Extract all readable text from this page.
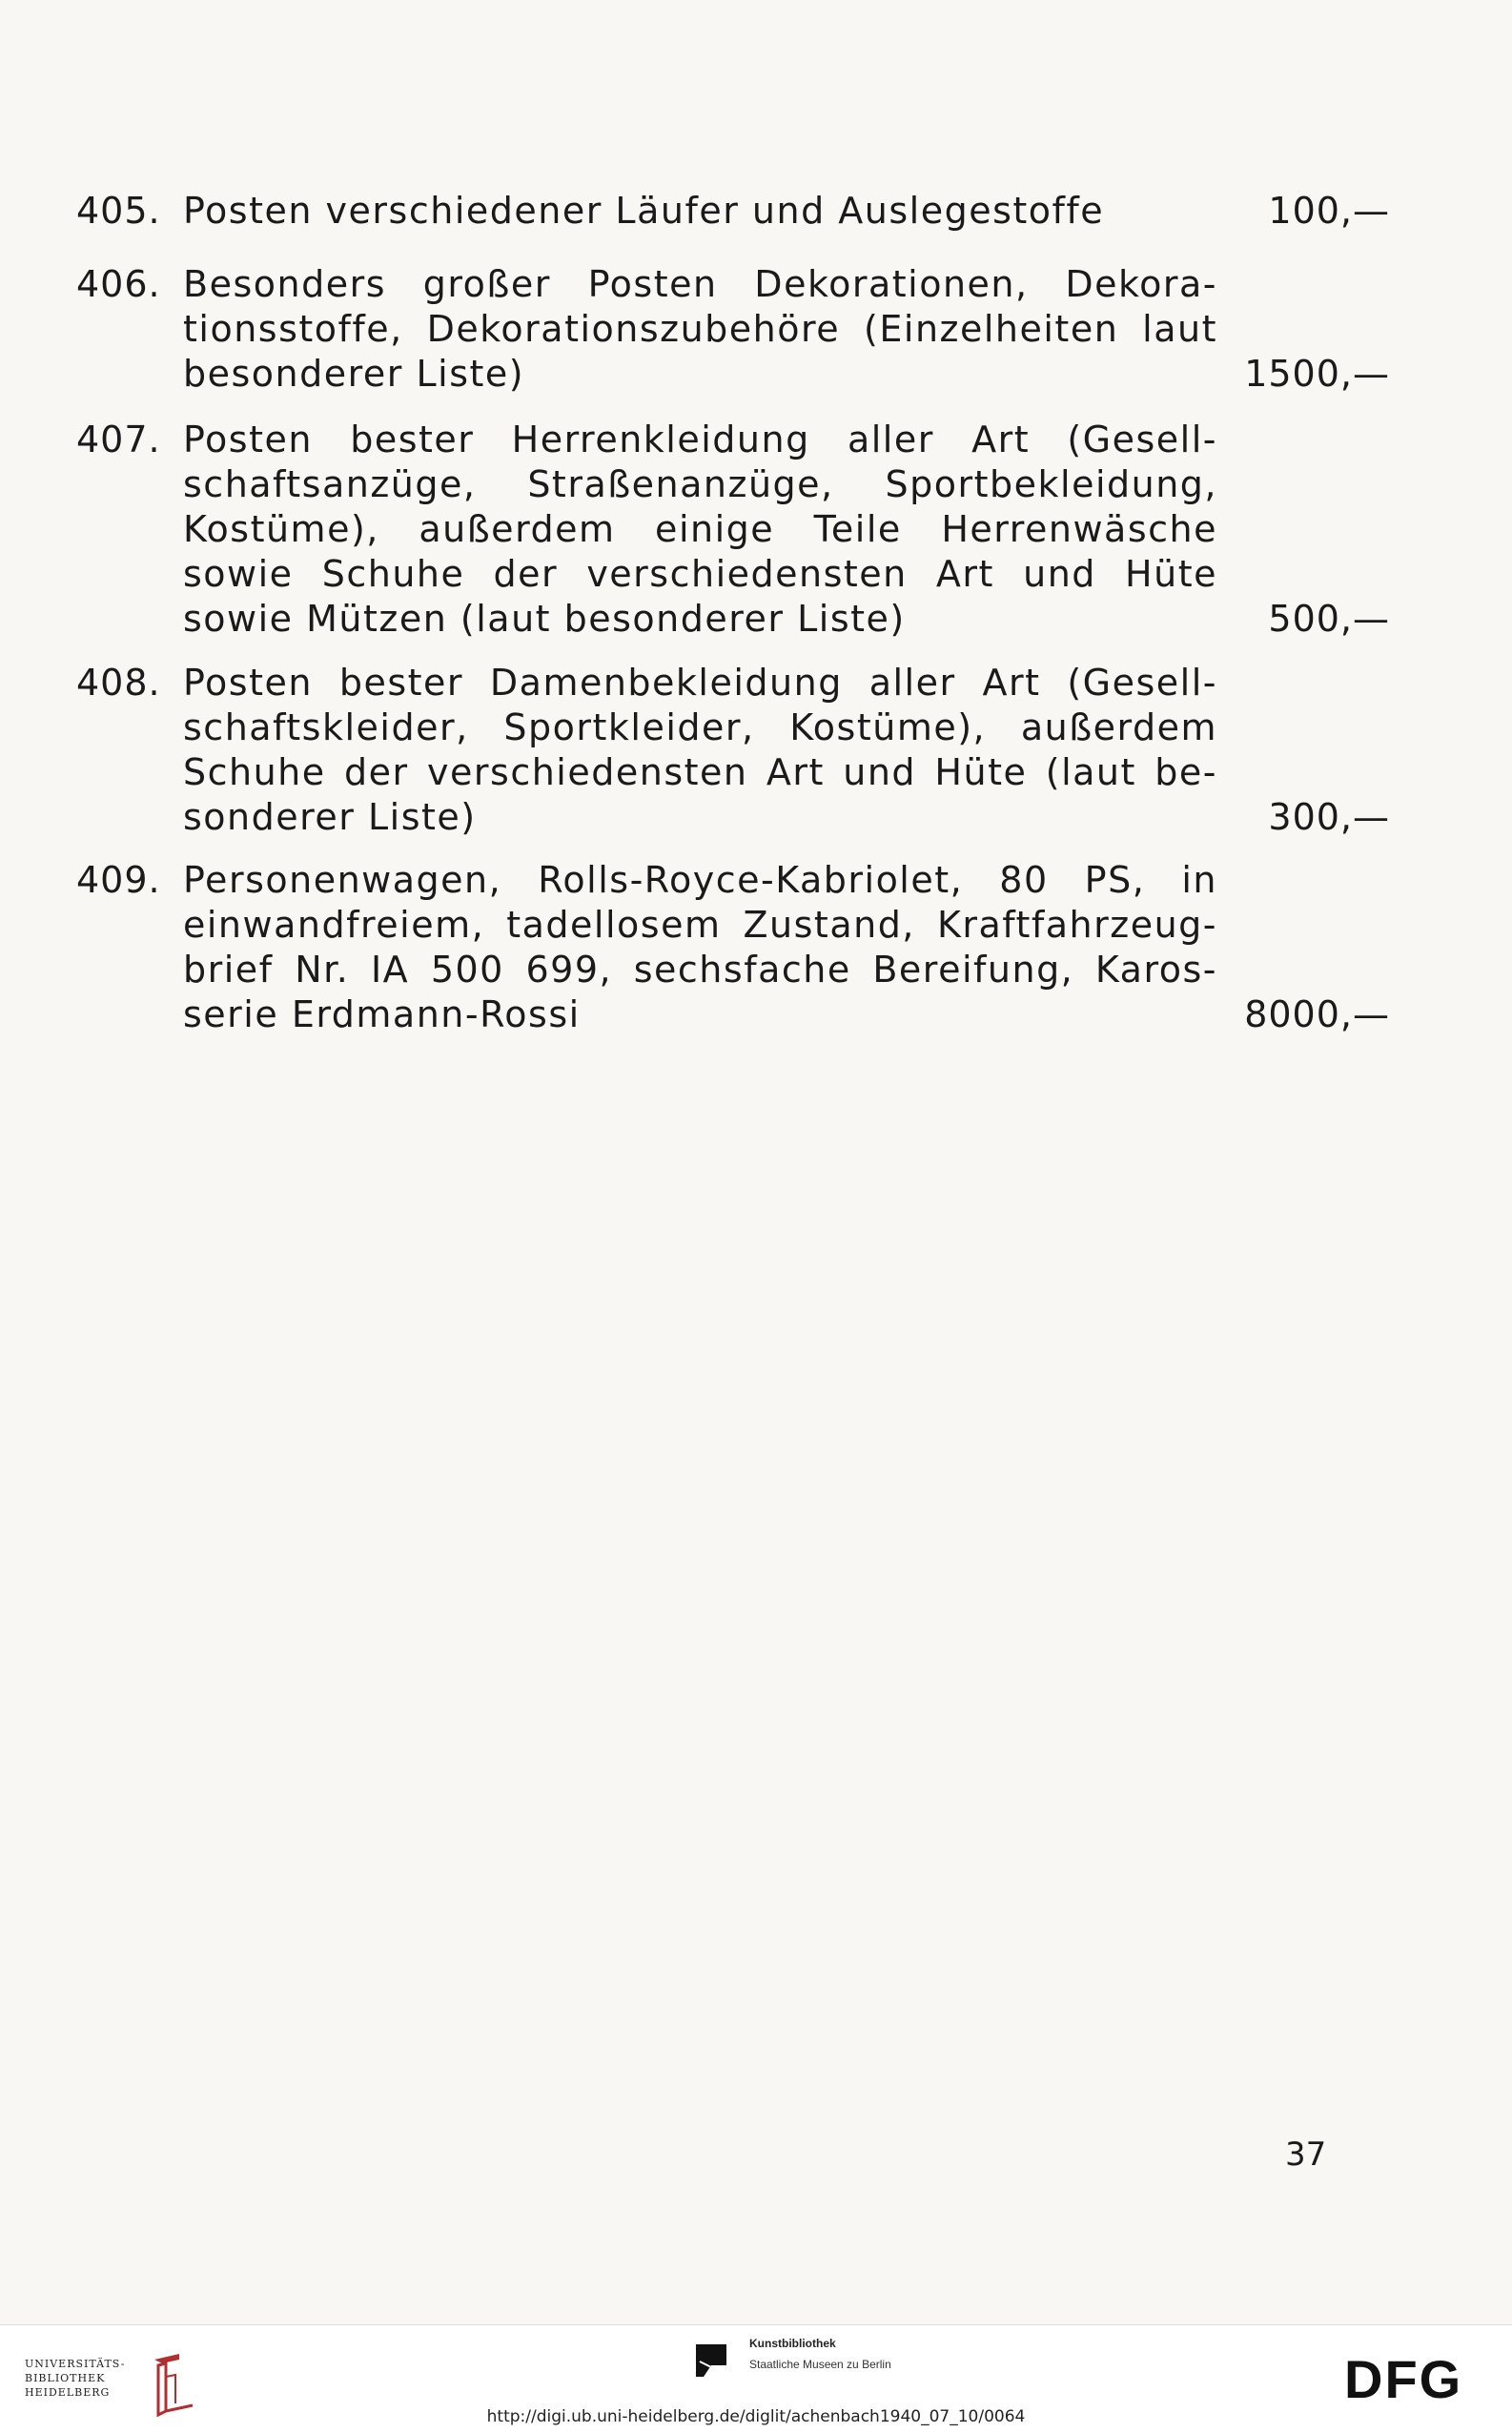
405. Posten verschiedener Läufer und Auslegestoffe	100,—
406. Besonders großer Posten Dekorationen, Dekora-
tionsstoffe, Dekorationszubehöre (Einzelheiten laut
besonderer Liste)	1500,—
407. Posten bester Herrenkleidung aller Art (Gesell-
schaftsanzüge, Straßenanzüge, Sportbekleidung,
Kostüme), außerdem einige Teile Herrenwäsche
sowie Schuhe der verschiedensten Art und Hüte
sowie Mützen (laut besonderer Liste)	500,—
408. Posten bester Damenbekleidung aller Art (Gesell-
schaftskleider, Sportkleider, Kostüme), außerdem
Schuhe der verschiedensten Art und Hüte (laut be-
sonderer Liste)	300,—
409. Personenwagen, Rolls-Royce-Kabriolet, 80 PS, in
einwandfreiem, tadellosem Zustand, Kraftfahrzeug-
brief Nr. IA 500 699, sechsfache Bereifung, Karos-
serie Erdmann-Rossi	8000,—
37
UNIVERSITÄTS-
BIBLIOTHEK
HEIDELBERG
Kunstbibliothek
Staatliche Museen zu Berlin	DFG
http://digi.ub.uni-heidelberg.de/diglit/achenbach1940_07_10/0064
